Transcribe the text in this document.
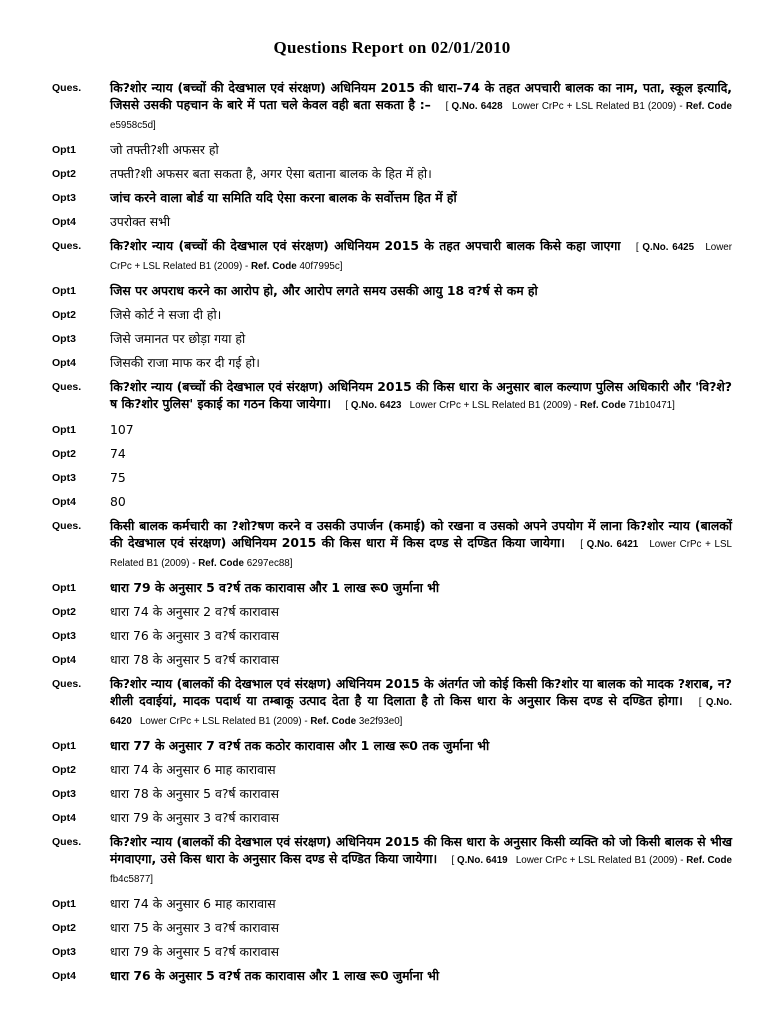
Questions Report on 02/01/2010
Ques.	कि?शोर न्याय (बच्चों की देखभाल एवं संरक्षण) अधिनियम 2015 की धारा–74 के तहत अपचारी बालक का नाम, पता, स्कूल इत्यादि, जिससे उसकी पहचान के बारे में पता चले केवल वही बता सकता है :– [ Q.No. 6428 Lower CrPc + LSL Related B1 (2009) - Ref. Code e5958c5d]
Opt1	जो तफ्ती?शी अफसर हो
Opt2	तफ्ती?शी अफसर बता सकता है, अगर ऐसा बताना बालक के हित में हो।
Opt3	जांच करने वाला बोर्ड या समिति यदि ऐसा करना बालक के सर्वोत्तम हित में हों
Opt4	उपरोक्त सभी
Ques.	कि?शोर न्याय (बच्चों की देखभाल एवं संरक्षण) अधिनियम 2015 के तहत अपचारी बालक किसे कहा जाएगा [ Q.No. 6425 Lower CrPc + LSL Related B1 (2009) - Ref. Code 40f7995c]
Opt1	जिस पर अपराध करने का आरोप हो, और आरोप लगते समय उसकी आयु 18 व?र्ष से कम हो
Opt2	जिसे कोर्ट ने सजा दी हो।
Opt3	जिसे जमानत पर छोड़ा गया हो
Opt4	जिसकी राजा माफ कर दी गई हो।
Ques.	कि?शोर न्याय (बच्चों की देखभाल एवं संरक्षण) अधिनियम 2015 की किस धारा के अनुसार बाल कल्याण पुलिस अधिकारी और 'वि?शे?ष कि?शोर पुलिस' इकाई का गठन किया जायेगा। [ Q.No. 6423 Lower CrPc + LSL Related B1 (2009) - Ref. Code 71b10471]
Opt1	107
Opt2	74
Opt3	75
Opt4	80
Ques.	किसी बालक कर्मचारी का ?शो?षण करने व उसकी उपार्जन (कमाई) को रखना व उसको अपने उपयोग में लाना कि?शोर न्याय (बालकों की देखभाल एवं संरक्षण) अधिनियम 2015 की किस धारा में किस दण्ड से दण्डित किया जायेगा। [ Q.No. 6421 Lower CrPc + LSL Related B1 (2009) - Ref. Code 6297ec88]
Opt1	धारा 79 के अनुसार 5 व?र्ष तक कारावास और 1 लाख रू0 जुर्माना भी
Opt2	धारा 74 के अनुसार 2 व?र्ष कारावास
Opt3	धारा 76 के अनुसार 3 व?र्ष कारावास
Opt4	धारा 78 के अनुसार 5 व?र्ष कारावास
Ques.	कि?शोर न्याय (बालकों की देखभाल एवं संरक्षण) अधिनियम 2015 के अंतर्गत जो कोई किसी कि?शोर या बालक को मादक ?शराब, न?शीली दवाईयां, मादक पदार्थ या तम्बाकू उत्पाद देता है या दिलाता है तो किस धारा के अनुसार किस दण्ड से दण्डित होगा। [ Q.No. 6420 Lower CrPc + LSL Related B1 (2009) - Ref. Code 3e2f93e0]
Opt1	धारा 77 के अनुसार 7 व?र्ष तक कठोर कारावास और 1 लाख रू0 तक जुर्माना भी
Opt2	धारा 74 के अनुसार 6 माह कारावास
Opt3	धारा 78 के अनुसार 5 व?र्ष कारावास
Opt4	धारा 79 के अनुसार 3 व?र्ष कारावास
Ques.	कि?शोर न्याय (बालकों की देखभाल एवं संरक्षण) अधिनियम 2015 की किस धारा के अनुसार किसी व्यक्ति को जो किसी बालक से भीख मंगवाएगा, उसे किस धारा के अनुसार किस दण्ड से दण्डित किया जायेगा। [ Q.No. 6419 Lower CrPc + LSL Related B1 (2009) - Ref. Code fb4c5877]
Opt1	धारा 74 के अनुसार 6 माह कारावास
Opt2	धारा 75 के अनुसार 3 व?र्ष कारावास
Opt3	धारा 79 के अनुसार 5 व?र्ष कारावास
Opt4	धारा 76 के अनुसार 5 व?र्ष तक कारावास और 1 लाख रू0 जुर्माना भी
